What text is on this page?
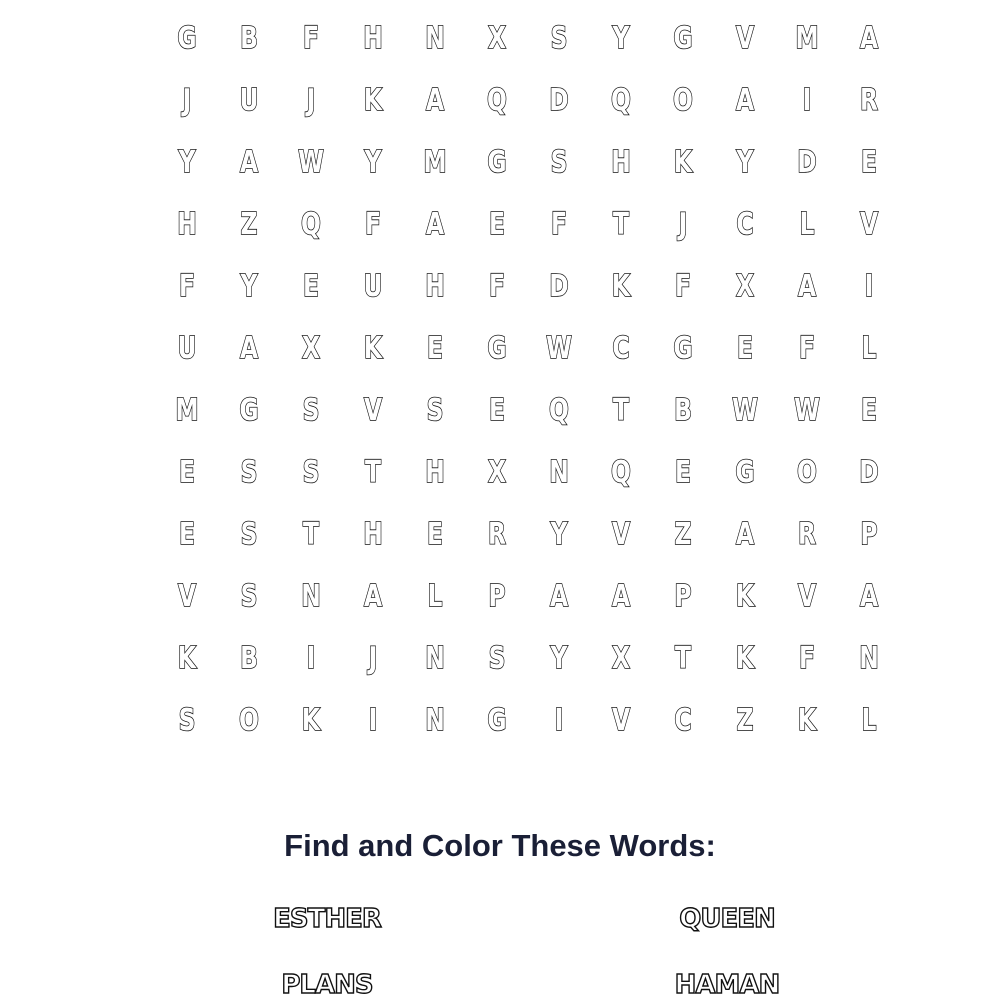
G	B	F	H	N	X	S	Y	G	V	M	A
J	U	J	K	A	Q	D	Q	O	A	I	R
Y	A	W	Y	M	G	S	H	K	Y	D	E
H	Z	Q	F	A	E	F	T	J	C	L	V
F	Y	E	U	H	F	D	K	F	X	A	I
U	A	X	K	E	G	W	C	G	E	F	L
M	G	S	V	S	E	Q	T	B	W	W	E
E	S	S	T	H	X	N	Q	E	G	O	D
E	S	T	H	E	R	Y	V	Z	A	R	P
V	S	N	A	L	P	A	A	P	K	V	A
K	B	I	J	N	S	Y	X	T	K	F	N
S	O	K	I	N	G	I	V	C	Z	K	L
Find and Color These Words:
ESTHER	QUEEN
PLANS	HAMAN
